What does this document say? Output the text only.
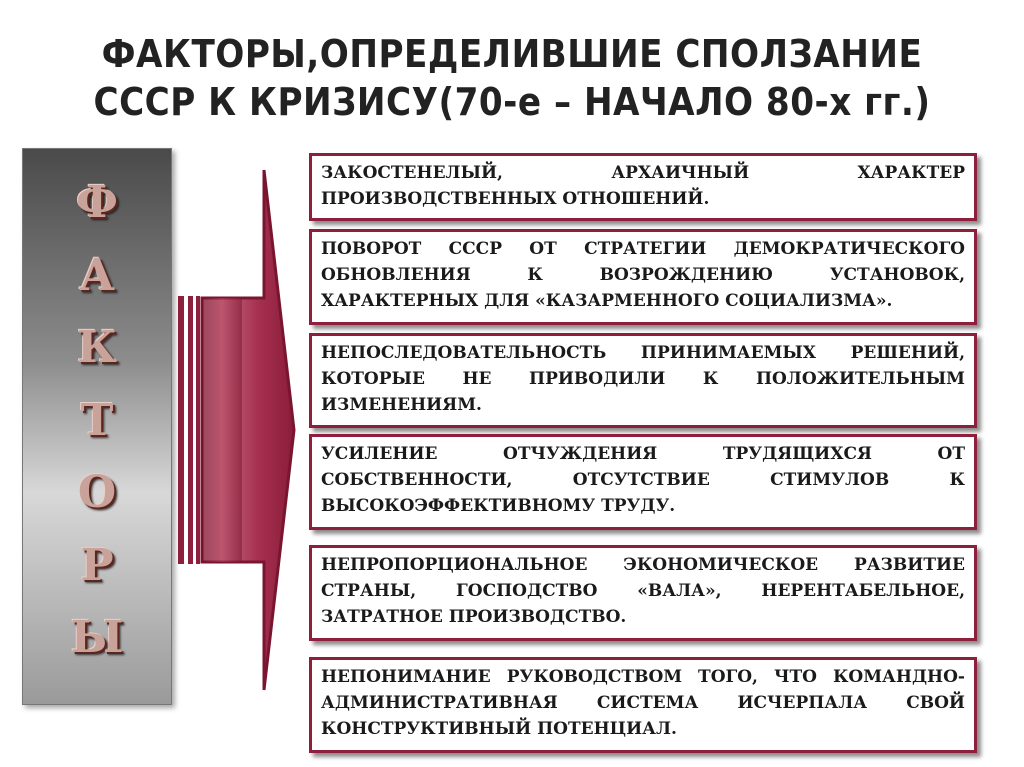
ФАКТОРЫ,ОПРЕДЕЛИВШИЕ СПОЛЗАНИЕ
СССР К КРИЗИСУ(70-е – НАЧАЛО 80-х гг.)
Ф
А
К
Т
О
Р
Ы
ЗАКОСТЕНЕЛЫЙ, АРХАИЧНЫЙ ХАРАКТЕР ПРОИЗВОДСТВЕННЫХ ОТНОШЕНИЙ.
ПОВОРОТ СССР ОТ СТРАТЕГИИ ДЕМОКРАТИЧЕСКОГО ОБНОВЛЕНИЯ К ВОЗРОЖДЕНИЮ УСТАНОВОК, ХАРАКТЕРНЫХ ДЛЯ «КАЗАРМЕННОГО СОЦИАЛИЗМА».
НЕПОСЛЕДОВАТЕЛЬНОСТЬ ПРИНИМАЕМЫХ РЕШЕНИЙ, КОТОРЫЕ НЕ ПРИВОДИЛИ К ПОЛОЖИТЕЛЬНЫМ ИЗМЕНЕНИЯМ.
УСИЛЕНИЕ ОТЧУЖДЕНИЯ ТРУДЯЩИХСЯ ОТ СОБСТВЕННОСТИ, ОТСУТСТВИЕ СТИМУЛОВ К ВЫСОКОЭФФЕКТИВНОМУ ТРУДУ.
НЕПРОПОРЦИОНАЛЬНОЕ ЭКОНОМИЧЕСКОЕ РАЗВИТИЕ СТРАНЫ, ГОСПОДСТВО «ВАЛА», НЕРЕНТАБЕЛЬНОЕ, ЗАТРАТНОЕ ПРОИЗВОДСТВО.
НЕПОНИМАНИЕ РУКОВОДСТВОМ ТОГО, ЧТО КОМАНДНО-АДМИНИСТРАТИВНАЯ СИСТЕМА ИСЧЕРПАЛА СВОЙ КОНСТРУКТИВНЫЙ ПОТЕНЦИАЛ.
